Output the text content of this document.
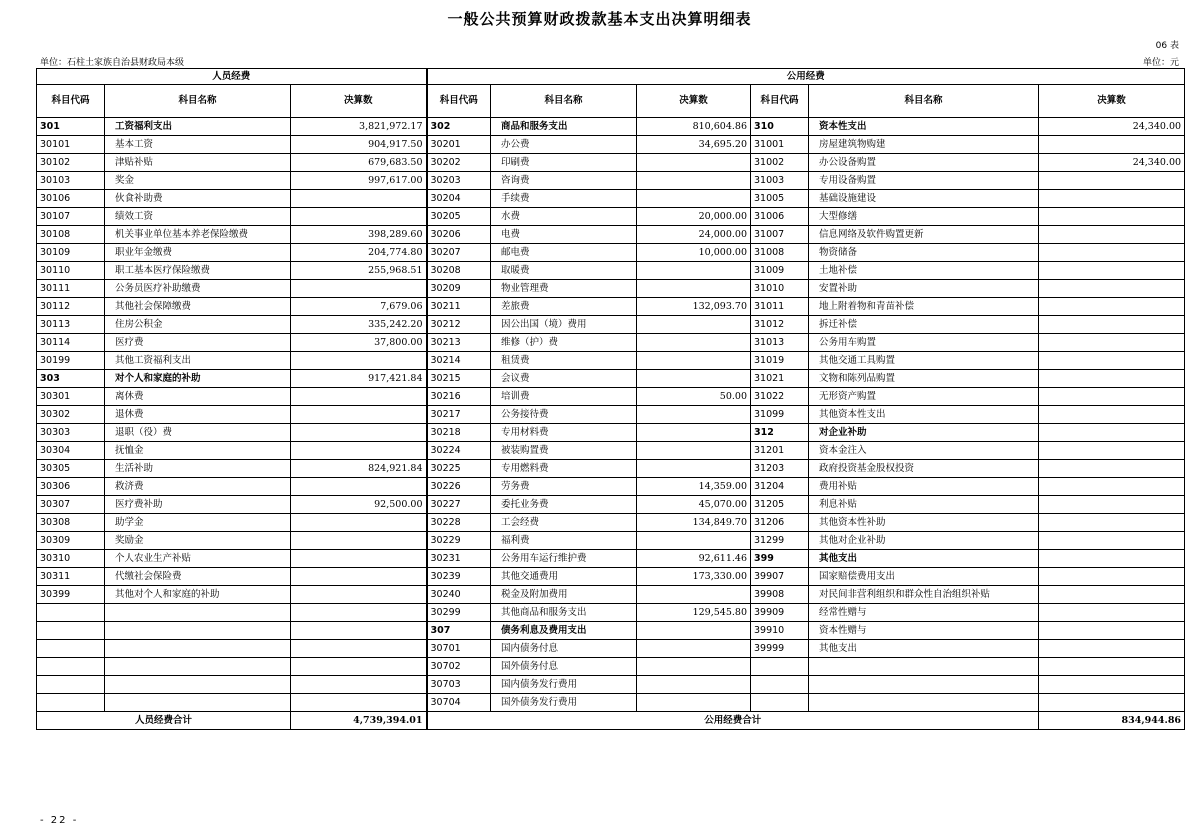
一般公共预算财政拨款基本支出决算明细表
06 表
单位：石柱土家族自治县财政局本级	单位：元
人员经费			公用经费					
科目代码	科目名称	决算数	科目代码	科目名称	决算数	科目代码	科目名称	决算数
301	工资福利支出	3,821,972.17	302	商品和服务支出	810,604.86	310	资本性支出	24,340.00
30101	基本工资	904,917.50	30201	办公费	34,695.20	31001	房屋建筑物购建	
30102	津贴补贴	679,683.50	30202	印刷费		31002	办公设备购置	24,340.00
30103	奖金	997,617.00	30203	咨询费		31003	专用设备购置	
30106	伙食补助费		30204	手续费		31005	基础设施建设	
30107	绩效工资		30205	水费	20,000.00	31006	大型修缮	
30108	机关事业单位基本养老保险缴费	398,289.60	30206	电费	24,000.00	31007	信息网络及软件购置更新	
30109	职业年金缴费	204,774.80	30207	邮电费	10,000.00	31008	物资储备	
30110	职工基本医疗保险缴费	255,968.51	30208	取暖费		31009	土地补偿	
30111	公务员医疗补助缴费		30209	物业管理费		31010	安置补助	
30112	其他社会保障缴费	7,679.06	30211	差旅费	132,093.70	31011	地上附着物和青苗补偿	
30113	住房公积金	335,242.20	30212	因公出国（境）费用		31012	拆迁补偿	
30114	医疗费	37,800.00	30213	维修（护）费		31013	公务用车购置	
30199	其他工资福利支出		30214	租赁费		31019	其他交通工具购置	
303	对个人和家庭的补助	917,421.84	30215	会议费		31021	文物和陈列品购置	
30301	离休费		30216	培训费	50.00	31022	无形资产购置	
30302	退休费		30217	公务接待费		31099	其他资本性支出	
30303	退职（役）费		30218	专用材料费		312	对企业补助	
30304	抚恤金		30224	被装购置费		31201	资本金注入	
30305	生活补助	824,921.84	30225	专用燃料费		31203	政府投资基金股权投资	
30306	救济费		30226	劳务费	14,359.00	31204	费用补贴	
30307	医疗费补助	92,500.00	30227	委托业务费	45,070.00	31205	利息补贴	
30308	助学金		30228	工会经费	134,849.70	31206	其他资本性补助	
30309	奖励金		30229	福利费		31299	其他对企业补助	
30310	个人农业生产补贴		30231	公务用车运行维护费	92,611.46	399	其他支出	
30311	代缴社会保险费		30239	其他交通费用	173,330.00	39907	国家赔偿费用支出	
30399	其他对个人和家庭的补助		30240	税金及附加费用		39908	对民间非营利组织和群众性自治组织补贴	
			30299	其他商品和服务支出	129,545.80	39909	经常性赠与	
			307	债务利息及费用支出		39910	资本性赠与	
			30701	国内债务付息		39999	其他支出	
			30702	国外债务付息				
			30703	国内债务发行费用				
			30704	国外债务发行费用				
人员经费合计		4,739,394.01	公用经费合计					834,944.86
- 22 -
